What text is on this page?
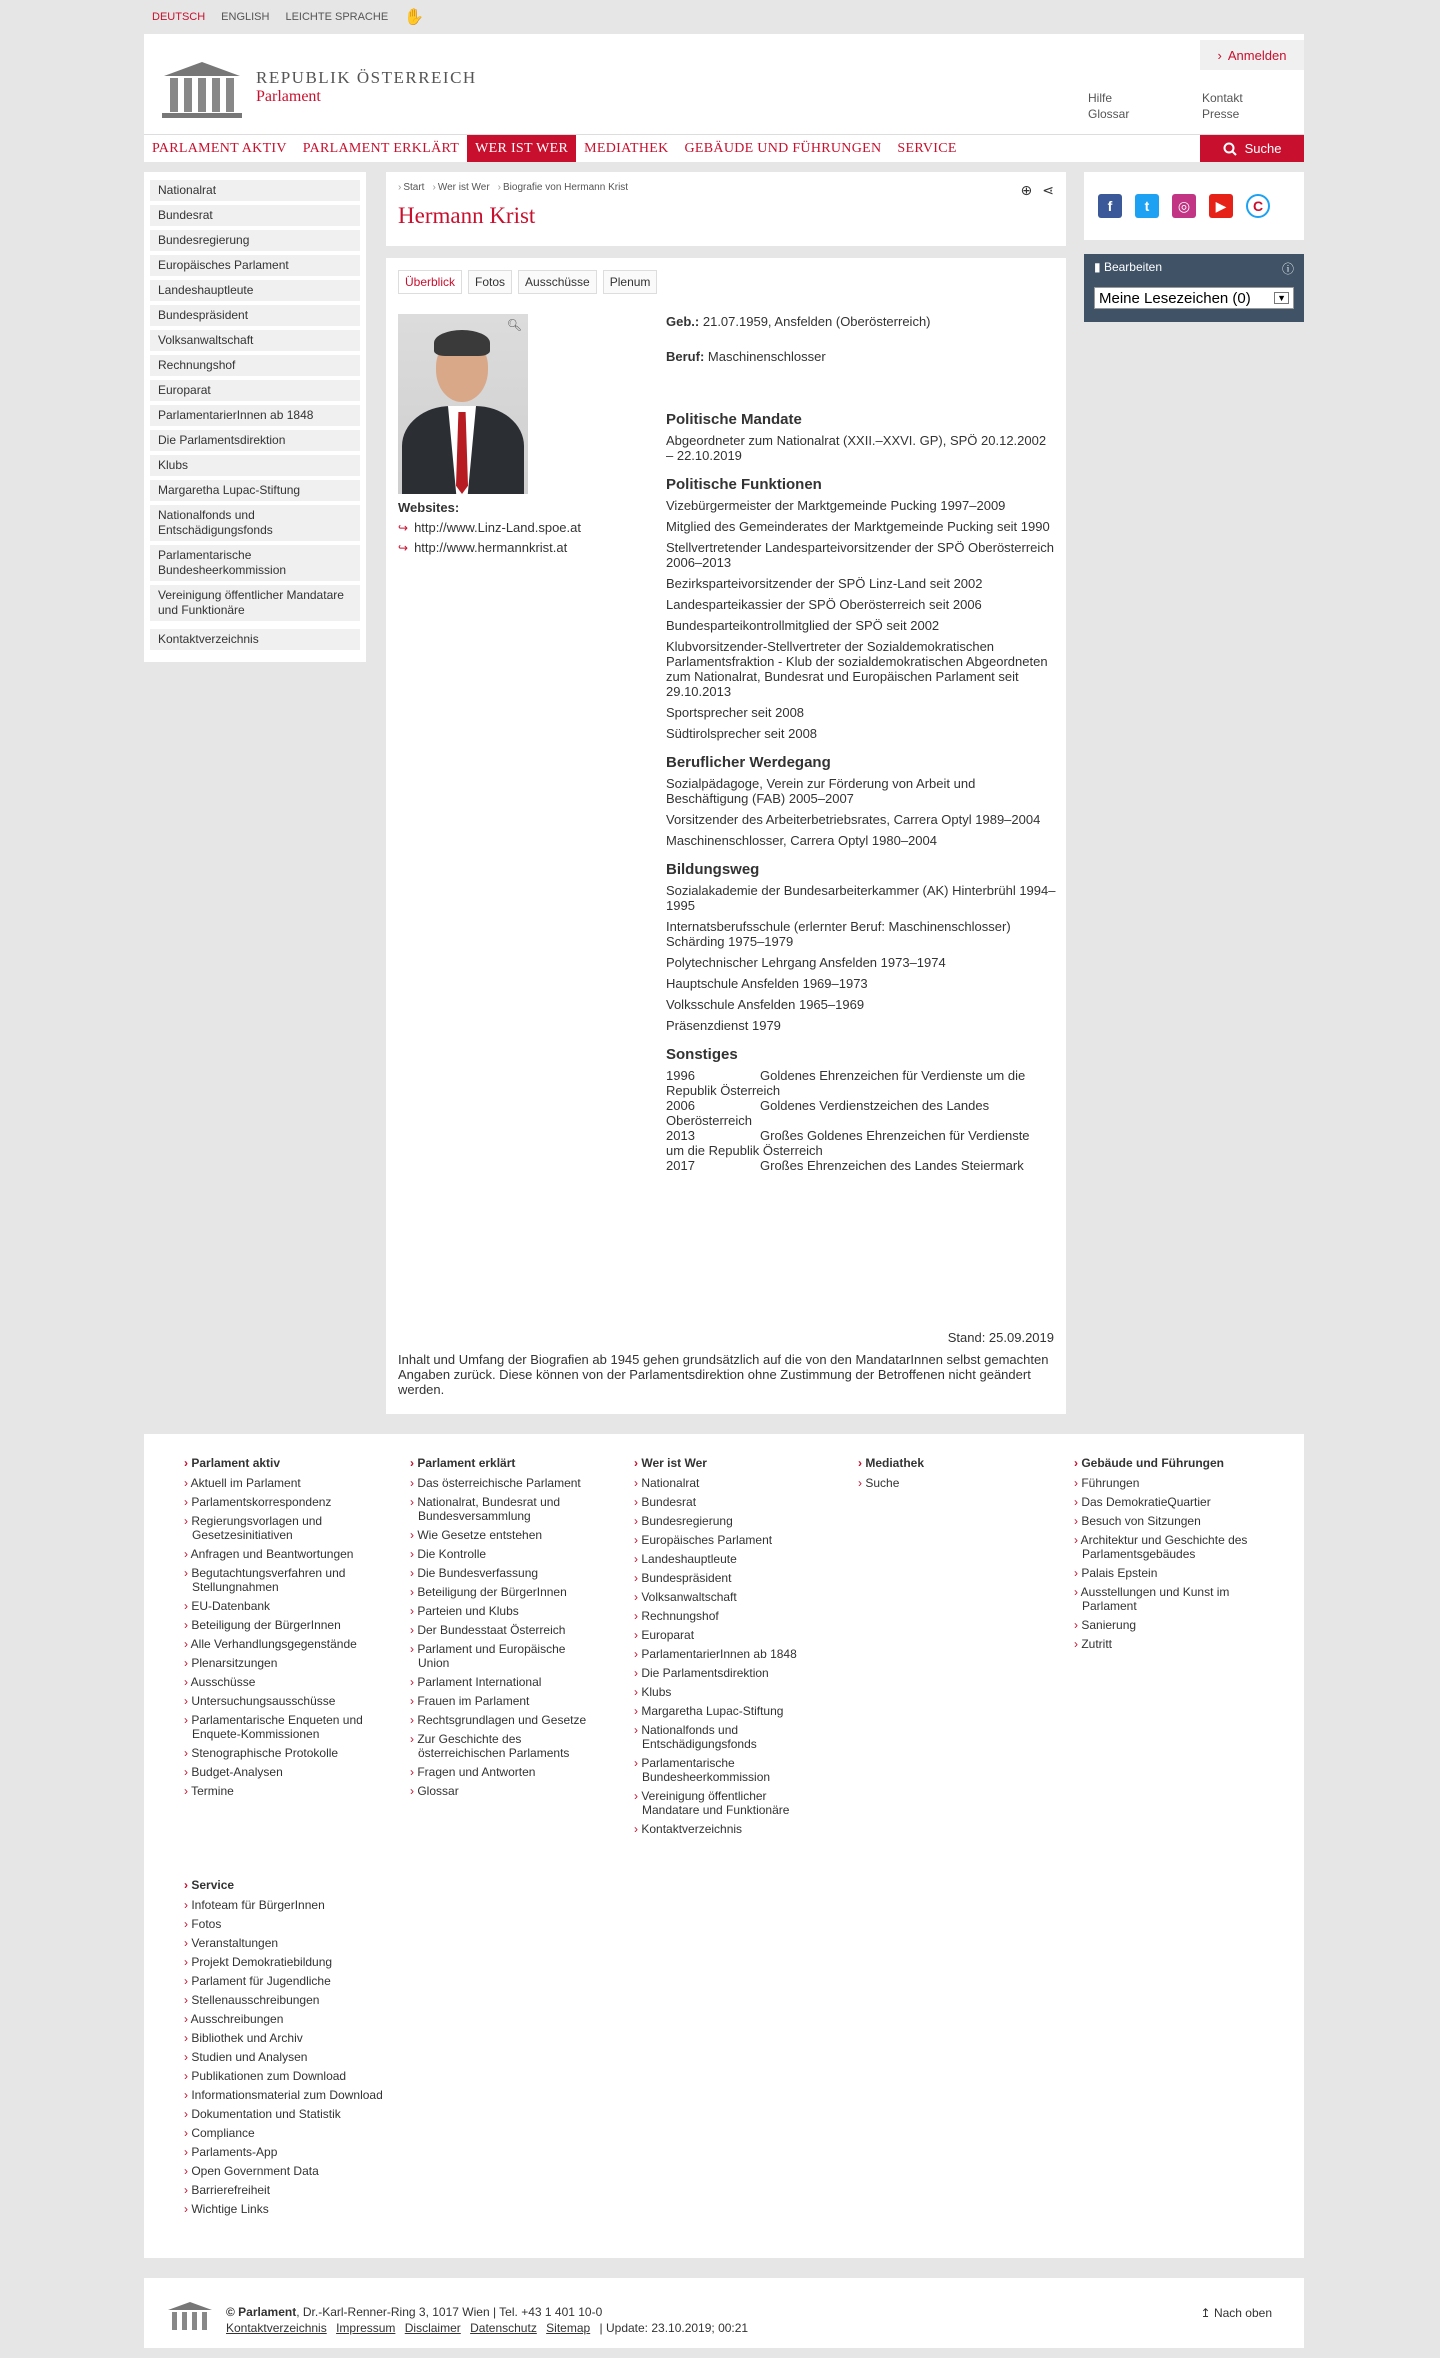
DEUTSCH ENGLISH LEICHTE SPRACHE ✋
REPUBLIK ÖSTERREICH
Parlament
› Anmelden
Hilfe
Glossar
Kontakt
Presse
PARLAMENT AKTIV	PARLAMENT ERKLÄRT	WER IST WER	MEDIATHEK	GEBÄUDE UND FÜHRUNGEN	SERVICE	Suche
Nationalrat
Bundesrat
Bundesregierung
Europäisches Parlament
Landeshauptleute
Bundespräsident
Volksanwaltschaft
Rechnungshof
Europarat
ParlamentarierInnen ab 1848
Die Parlamentsdirektion
Klubs
Margaretha Lupac-Stiftung
Nationalfonds und Entschädigungsfonds
Parlamentarische Bundesheerkommission
Vereinigung öffentlicher Mandatare und Funktionäre
Kontaktverzeichnis
› Start	› Wer ist Wer	› Biografie von Hermann Krist	⊕ ⋖
Hermann Krist
Überblick	Fotos	Ausschüsse	Plenum
🔍︎
Websites:
↪ http://www.Linz-Land.spoe.at
↪ http://www.hermannkrist.at
Geb.: 21.07.1959, Ansfelden (Oberösterreich)
Beruf: Maschinenschlosser
Politische Mandate
Abgeordneter zum Nationalrat (XXII.–XXVI. GP), SPÖ 20.12.2002 – 22.10.2019
Politische Funktionen
Vizebürgermeister der Marktgemeinde Pucking 1997–2009
Mitglied des Gemeinderates der Marktgemeinde Pucking seit 1990
Stellvertretender Landesparteivorsitzender der SPÖ Oberösterreich 2006–2013
Bezirksparteivorsitzender der SPÖ Linz-Land seit 2002
Landesparteikassier der SPÖ Oberösterreich seit 2006
Bundesparteikontrollmitglied der SPÖ seit 2002
Klubvorsitzender-Stellvertreter der Sozialdemokratischen Parlamentsfraktion - Klub der sozialdemokratischen Abgeordneten zum Nationalrat, Bundesrat und Europäischen Parlament seit 29.10.2013
Sportsprecher seit 2008
Südtirolsprecher seit 2008
Beruflicher Werdegang
Sozialpädagoge, Verein zur Förderung von Arbeit und Beschäftigung (FAB) 2005–2007
Vorsitzender des Arbeiterbetriebsrates, Carrera Optyl 1989–2004
Maschinenschlosser, Carrera Optyl 1980–2004
Bildungsweg
Sozialakademie der Bundesarbeiterkammer (AK) Hinterbrühl 1994–1995
Internatsberufsschule (erlernter Beruf: Maschinenschlosser) Schärding 1975–1979
Polytechnischer Lehrgang Ansfelden 1973–1974
Hauptschule Ansfelden 1969–1973
Volksschule Ansfelden 1965–1969
Präsenzdienst 1979
Sonstiges
1996	Goldenes Ehrenzeichen für Verdienste um die
Republik Österreich
2006	Goldenes Verdienstzeichen des Landes
Oberösterreich
2013	Großes Goldenes Ehrenzeichen für Verdienste
um die Republik Österreich
2017	Großes Ehrenzeichen des Landes Steiermark
Stand: 25.09.2019
Inhalt und Umfang der Biografien ab 1945 gehen grundsätzlich auf die von den MandatarInnen selbst gemachten Angaben zurück. Diese können von der Parlamentsdirektion ohne Zustimmung der Betroffenen nicht geändert werden.
f	t	◎	▶	C
▮ Bearbeiten	ⓘ
Meine Lesezeichen (0)	▼
› Parlament aktiv
› Aktuell im Parlament
› Parlamentskorrespondenz
› Regierungsvorlagen und Gesetzesinitiativen
› Anfragen und Beantwortungen
› Begutachtungsverfahren und Stellungnahmen
› EU-Datenbank
› Beteiligung der BürgerInnen
› Alle Verhandlungsgegenstände
› Plenarsitzungen
› Ausschüsse
› Untersuchungsausschüsse
› Parlamentarische Enqueten und Enquete-Kommissionen
› Stenographische Protokolle
› Budget-Analysen
› Termine
› Parlament erklärt
› Das österreichische Parlament
› Nationalrat, Bundesrat und Bundesversammlung
› Wie Gesetze entstehen
› Die Kontrolle
› Die Bundesverfassung
› Beteiligung der BürgerInnen
› Parteien und Klubs
› Der Bundesstaat Österreich
› Parlament und Europäische Union
› Parlament International
› Frauen im Parlament
› Rechtsgrundlagen und Gesetze
› Zur Geschichte des österreichischen Parlaments
› Fragen und Antworten
› Glossar
› Wer ist Wer
› Nationalrat
› Bundesrat
› Bundesregierung
› Europäisches Parlament
› Landeshauptleute
› Bundespräsident
› Volksanwaltschaft
› Rechnungshof
› Europarat
› ParlamentarierInnen ab 1848
› Die Parlamentsdirektion
› Klubs
› Margaretha Lupac-Stiftung
› Nationalfonds und Entschädigungsfonds
› Parlamentarische Bundesheerkommission
› Vereinigung öffentlicher Mandatare und Funktionäre
› Kontaktverzeichnis
› Mediathek
› Suche
› Gebäude und Führungen
› Führungen
› Das DemokratieQuartier
› Besuch von Sitzungen
› Architektur und Geschichte des Parlamentsgebäudes
› Palais Epstein
› Ausstellungen und Kunst im Parlament
› Sanierung
› Zutritt
› Service
› Infoteam für BürgerInnen
› Fotos
› Veranstaltungen
› Projekt Demokratiebildung
› Parlament für Jugendliche
› Stellenausschreibungen
› Ausschreibungen
› Bibliothek und Archiv
› Studien und Analysen
› Publikationen zum Download
› Informationsmaterial zum Download
› Dokumentation und Statistik
› Compliance
› Parlaments-App
› Open Government Data
› Barrierefreiheit
› Wichtige Links
© Parlament, Dr.-Karl-Renner-Ring 3, 1017 Wien | Tel. +43 1 401 10-0
Kontaktverzeichnis Impressum Disclaimer Datenschutz Sitemap | Update: 23.10.2019; 00:21
↥ Nach oben
